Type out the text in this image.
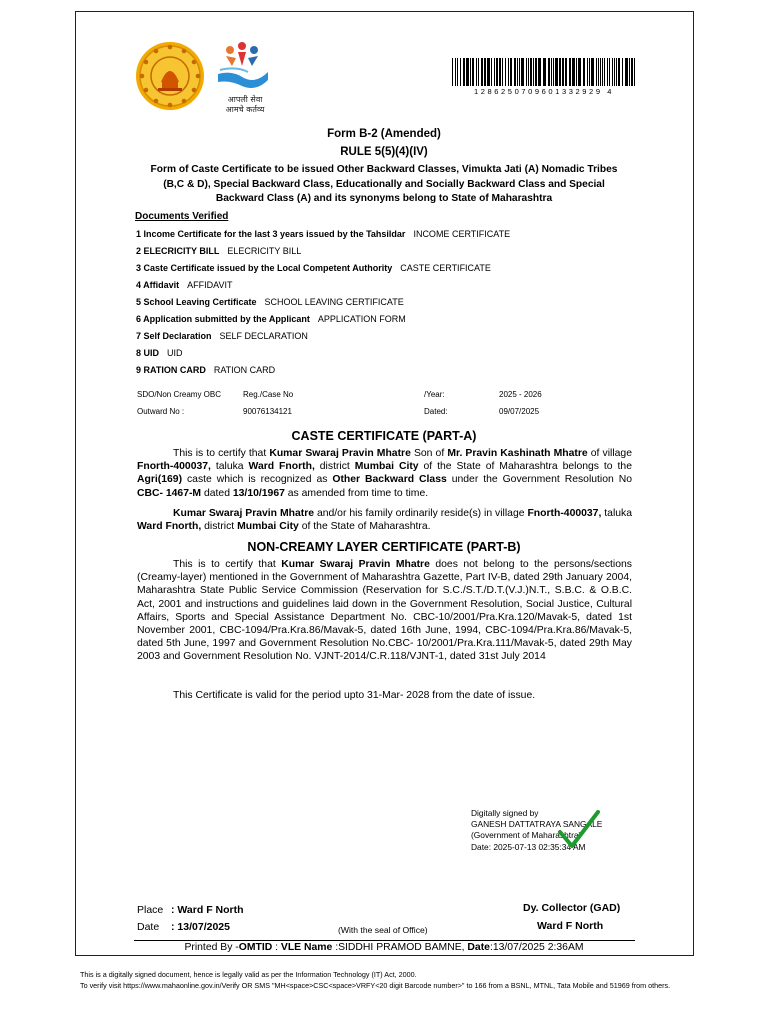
आपली सेवा
आमचे कर्तव्य
1286250709601332929 4
Form B-2 (Amended)
RULE 5(5)(4)(IV)
Form of Caste Certificate to be issued Other Backward Classes, Vimukta Jati (A) Nomadic Tribes (B,C & D), Special Backward Class, Educationally and Socially Backward Class and Special Backward Class (A) and its synonyms belong to State of Maharashtra
Documents Verified
1 Income Certificate for the last 3 years issued by the Tahsildar INCOME CERTIFICATE
2 ELECRICITY BILL ELECRICITY BILL
3 Caste Certificate issued by the Local Competent Authority CASTE CERTIFICATE
4 Affidavit AFFIDAVIT
5 School Leaving Certificate SCHOOL LEAVING CERTIFICATE
6 Application submitted by the Applicant APPLICATION FORM
7 Self Declaration SELF DECLARATION
8 UID UID
9 RATION CARD RATION CARD
SDO/Non Creamy OBC	Reg./Case No	/Year:	2025 - 2026
Outward No :	90076134121	Dated:	09/07/2025
CASTE CERTIFICATE (PART-A)
This is to certify that Kumar Swaraj Pravin Mhatre Son of Mr. Pravin Kashinath Mhatre of village Fnorth-400037, taluka Ward Fnorth, district Mumbai City of the State of Maharashtra belongs to the Agri(169) caste which is recognized as Other Backward Class under the Government Resolution No CBC- 1467-M dated 13/10/1967 as amended from time to time.
Kumar Swaraj Pravin Mhatre and/or his family ordinarily reside(s) in village Fnorth-400037, taluka Ward Fnorth, district Mumbai City of the State of Maharashtra.
NON-CREAMY LAYER CERTIFICATE (PART-B)
This is to certify that Kumar Swaraj Pravin Mhatre does not belong to the persons/sections (Creamy-layer) mentioned in the Government of Maharashtra Gazette, Part IV-B, dated 29th January 2004, Maharashtra State Public Service Commission (Reservation for S.C./S.T./D.T.(V.J.)N.T., S.B.C. & O.B.C. Act, 2001 and instructions and guidelines laid down in the Government Resolution, Social Justice, Cultural Affairs, Sports and Special Assistance Department No. CBC-10/2001/Pra.Kra.120/Mavak-5, dated 1st November 2001, CBC-1094/Pra.Kra.86/Mavak-5, dated 16th June, 1994, CBC-1094/Pra.Kra.86/Mavak-5, dated 5th June, 1997 and Government Resolution No.CBC- 10/2001/Pra.Kra.111/Mavak-5, dated 29th May 2003 and Government Resolution No. VJNT-2014/C.R.118/VJNT-1, dated 31st July 2014
This Certificate is valid for the period upto 31-Mar- 2028 from the date of issue.
Digitally signed by
GANESH DATTATRAYA SANGALE
(Government of Maharashtra)
Date: 2025-07-13 02:35:34 AM
Place : Ward F North
Date : 13/07/2025
Dy. Collector (GAD)
Ward F North
(With the seal of Office)
Printed By -OMTID : VLE Name :SIDDHI PRAMOD BAMNE, Date:13/07/2025 2:36AM
This is a digitally signed document, hence is legally valid as per the Information Technology (IT) Act, 2000.
To verify visit https://www.mahaonline.gov.in/Verify OR SMS "MH<space>CSC<space>VRFY<20 digit Barcode number>" to 166 from a BSNL, MTNL, Tata Mobile and 51969 from others.
